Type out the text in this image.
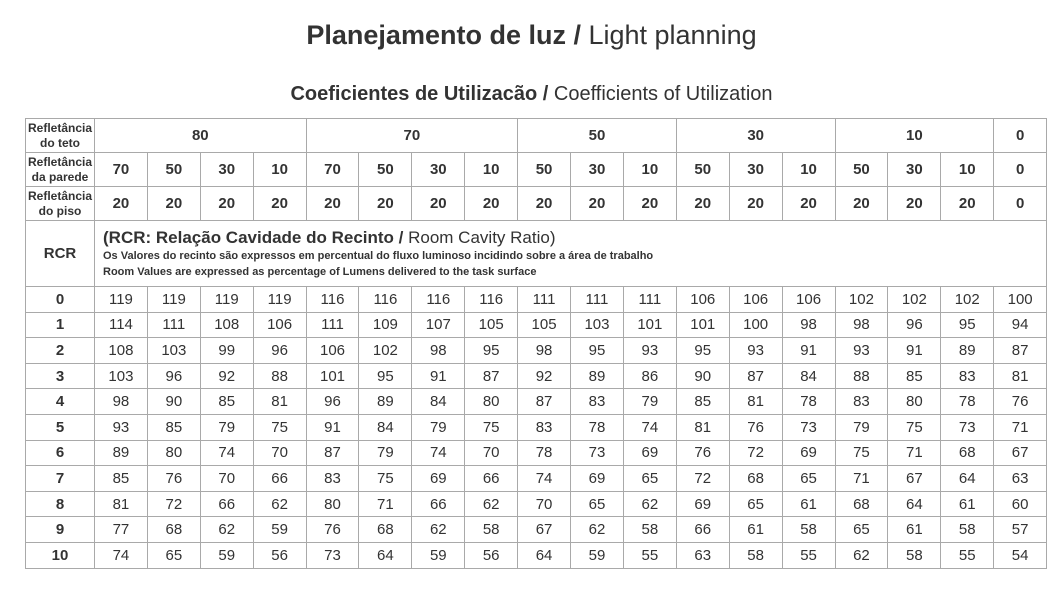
Planejamento de luz / Light planning
Coeficientes de Utilizacão / Coefficients of Utilization
Refletância do teto	80				70				50			30			10			0
Refletância da parede	70	50	30	10	70	50	30	10	50	30	10	50	30	10	50	30	10	0
Refletância do piso	20	20	20	20	20	20	20	20	20	20	20	20	20	20	20	20	20	0
RCR	(RCR: Relação Cavidade do Recinto / Room Cavity Ratio)
Os Valores do recinto são expressos em percentual do fluxo luminoso incidindo sobre a área de trabalho
Room Values are expressed as percentage of Lumens delivered to the task surface																	

0	119	119	119	119	116	116	116	116	111	111	111	106	106	106	102	102	102	100
1	114	111	108	106	111	109	107	105	105	103	101	101	100	98	98	96	95	94
2	108	103	99	96	106	102	98	95	98	95	93	95	93	91	93	91	89	87
3	103	96	92	88	101	95	91	87	92	89	86	90	87	84	88	85	83	81
4	98	90	85	81	96	89	84	80	87	83	79	85	81	78	83	80	78	76
5	93	85	79	75	91	84	79	75	83	78	74	81	76	73	79	75	73	71
6	89	80	74	70	87	79	74	70	78	73	69	76	72	69	75	71	68	67
7	85	76	70	66	83	75	69	66	74	69	65	72	68	65	71	67	64	63
8	81	72	66	62	80	71	66	62	70	65	62	69	65	61	68	64	61	60
9	77	68	62	59	76	68	62	58	67	62	58	66	61	58	65	61	58	57
10	74	65	59	56	73	64	59	56	64	59	55	63	58	55	62	58	55	54
